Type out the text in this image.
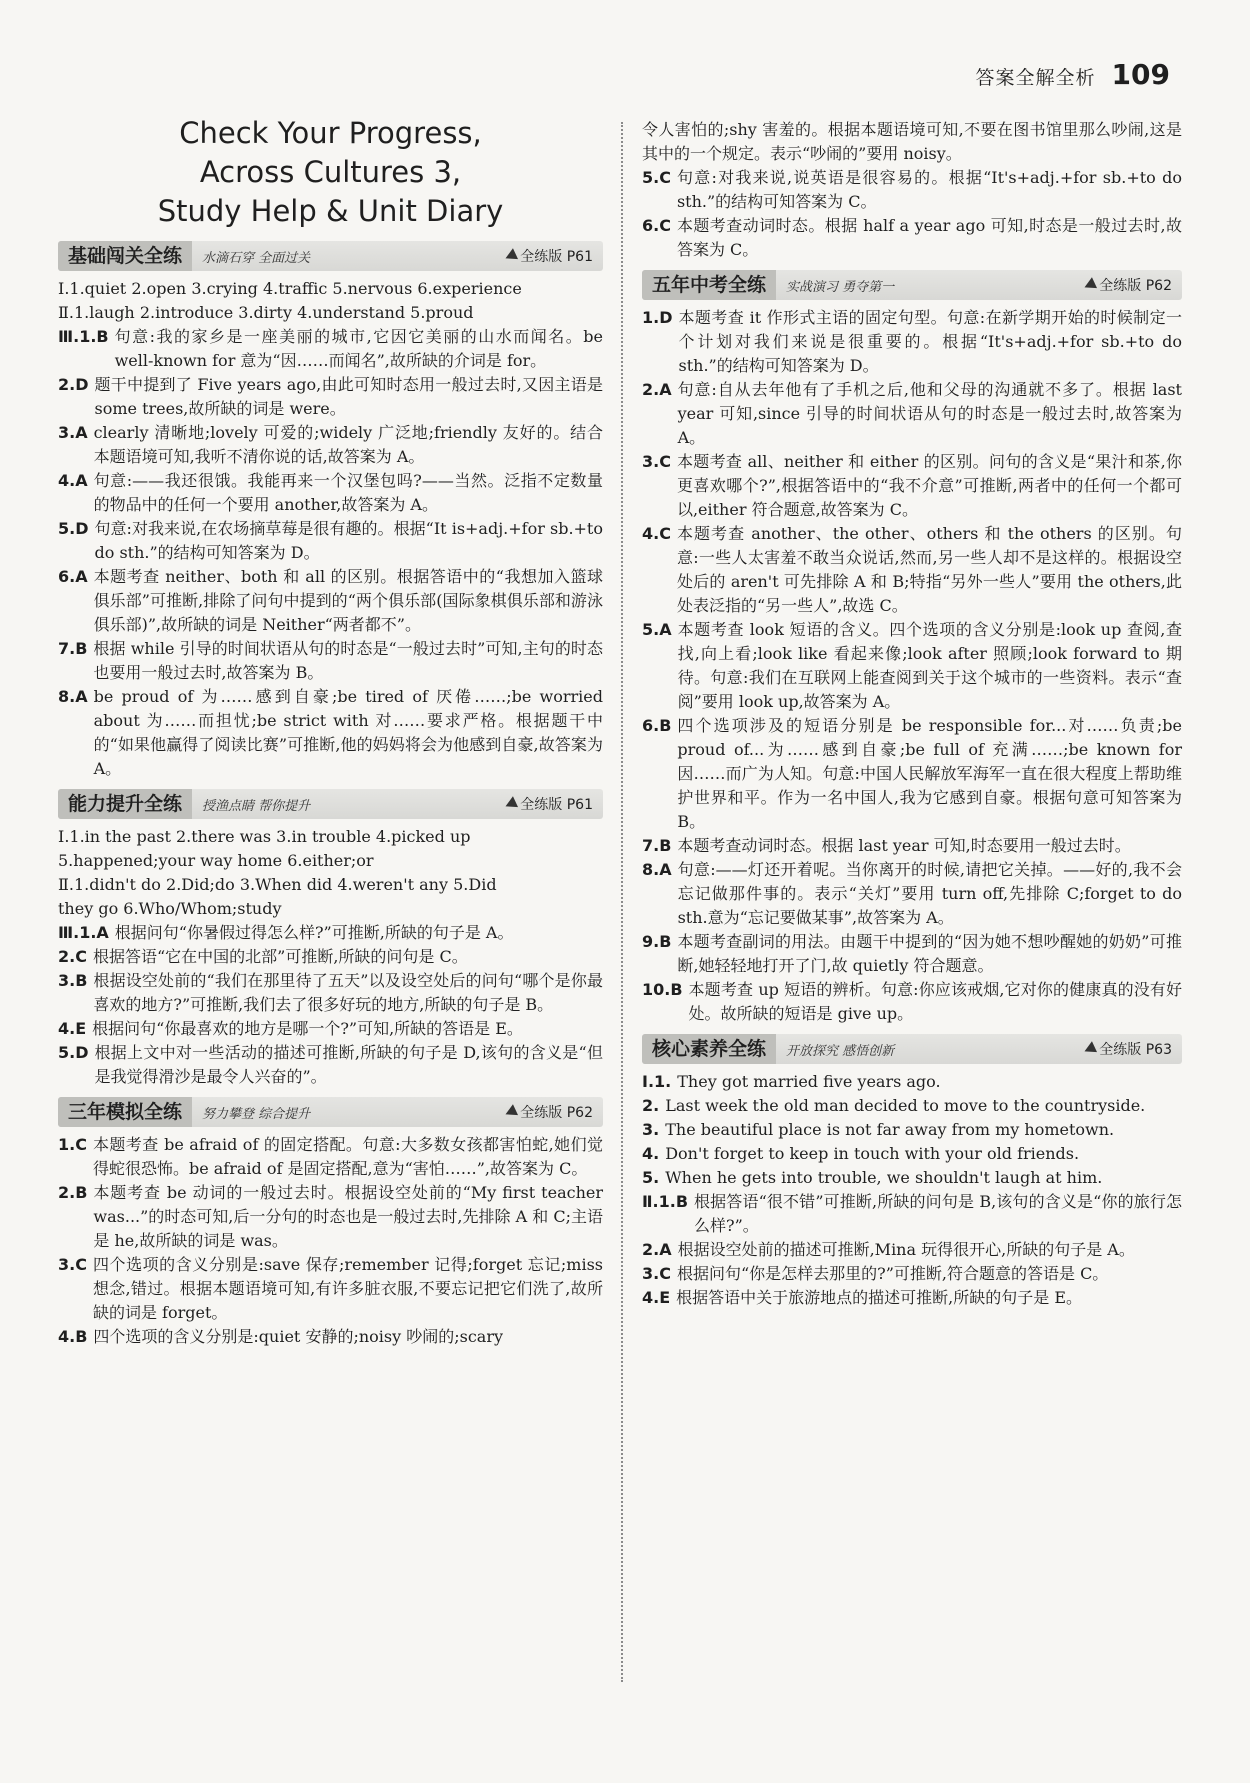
答案全解全析 109
Check Your Progress,
Across Cultures 3,
Study Help & Unit Diary
基础闯关全练	水滴石穿 全面过关	全练版 P61
Ⅰ.1.quiet 2.open 3.crying 4.traffic 5.nervous 6.experience
Ⅱ.1.laugh 2.introduce 3.dirty 4.understand 5.proud
Ⅲ.1.B 句意:我的家乡是一座美丽的城市,它因它美丽的山水而闻名。be well-known for 意为“因……而闻名”,故所缺的介词是 for。
2.D 题干中提到了 Five years ago,由此可知时态用一般过去时,又因主语是 some trees,故所缺的词是 were。
3.A clearly 清晰地;lovely 可爱的;widely 广泛地;friendly 友好的。结合本题语境可知,我听不清你说的话,故答案为 A。
4.A 句意:——我还很饿。我能再来一个汉堡包吗?——当然。泛指不定数量的物品中的任何一个要用 another,故答案为 A。
5.D 句意:对我来说,在农场摘草莓是很有趣的。根据“It is+adj.+for sb.+to do sth.”的结构可知答案为 D。
6.A 本题考查 neither、both 和 all 的区别。根据答语中的“我想加入篮球俱乐部”可推断,排除了问句中提到的“两个俱乐部(国际象棋俱乐部和游泳俱乐部)”,故所缺的词是 Neither“两者都不”。
7.B 根据 while 引导的时间状语从句的时态是“一般过去时”可知,主句的时态也要用一般过去时,故答案为 B。
8.A be proud of 为……感到自豪;be tired of 厌倦……;be worried about 为……而担忧;be strict with 对……要求严格。根据题干中的“如果他赢得了阅读比赛”可推断,他的妈妈将会为他感到自豪,故答案为 A。
能力提升全练	授渔点睛 帮你提升	全练版 P61
Ⅰ.1.in the past 2.there was 3.in trouble 4.picked up
5.happened;your way home 6.either;or
Ⅱ.1.didn't do 2.Did;do 3.When did 4.weren't any 5.Did
they go 6.Who/Whom;study
Ⅲ.1.A 根据问句“你暑假过得怎么样?”可推断,所缺的句子是 A。
2.C 根据答语“它在中国的北部”可推断,所缺的问句是 C。
3.B 根据设空处前的“我们在那里待了五天”以及设空处后的问句“哪个是你最喜欢的地方?”可推断,我们去了很多好玩的地方,所缺的句子是 B。
4.E 根据问句“你最喜欢的地方是哪一个?”可知,所缺的答语是 E。
5.D 根据上文中对一些活动的描述可推断,所缺的句子是 D,该句的含义是“但是我觉得滑沙是最令人兴奋的”。
三年模拟全练	努力攀登 综合提升	全练版 P62
1.C 本题考查 be afraid of 的固定搭配。句意:大多数女孩都害怕蛇,她们觉得蛇很恐怖。be afraid of 是固定搭配,意为“害怕……”,故答案为 C。
2.B 本题考查 be 动词的一般过去时。根据设空处前的“My first teacher was...”的时态可知,后一分句的时态也是一般过去时,先排除 A 和 C;主语是 he,故所缺的词是 was。
3.C 四个选项的含义分别是:save 保存;remember 记得;forget 忘记;miss 想念,错过。根据本题语境可知,有许多脏衣服,不要忘记把它们洗了,故所缺的词是 forget。
4.B 四个选项的含义分别是:quiet 安静的;noisy 吵闹的;scary
令人害怕的;shy 害羞的。根据本题语境可知,不要在图书馆里那么吵闹,这是其中的一个规定。表示“吵闹的”要用 noisy。
5.C 句意:对我来说,说英语是很容易的。根据“It's+adj.+for sb.+to do sth.”的结构可知答案为 C。
6.C 本题考查动词时态。根据 half a year ago 可知,时态是一般过去时,故答案为 C。
五年中考全练	实战演习 勇夺第一	全练版 P62
1.D 本题考查 it 作形式主语的固定句型。句意:在新学期开始的时候制定一个计划对我们来说是很重要的。根据“It's+adj.+for sb.+to do sth.”的结构可知答案为 D。
2.A 句意:自从去年他有了手机之后,他和父母的沟通就不多了。根据 last year 可知,since 引导的时间状语从句的时态是一般过去时,故答案为 A。
3.C 本题考查 all、neither 和 either 的区别。问句的含义是“果汁和茶,你更喜欢哪个?”,根据答语中的“我不介意”可推断,两者中的任何一个都可以,either 符合题意,故答案为 C。
4.C 本题考查 another、the other、others 和 the others 的区别。句意:一些人太害羞不敢当众说话,然而,另一些人却不是这样的。根据设空处后的 aren't 可先排除 A 和 B;特指“另外一些人”要用 the others,此处表泛指的“另一些人”,故选 C。
5.A 本题考查 look 短语的含义。四个选项的含义分别是:look up 查阅,查找,向上看;look like 看起来像;look after 照顾;look forward to 期待。句意:我们在互联网上能查阅到关于这个城市的一些资料。表示“查阅”要用 look up,故答案为 A。
6.B 四个选项涉及的短语分别是 be responsible for...对……负责;be proud of...为……感到自豪;be full of 充满……;be known for 因……而广为人知。句意:中国人民解放军海军一直在很大程度上帮助维护世界和平。作为一名中国人,我为它感到自豪。根据句意可知答案为 B。
7.B 本题考查动词时态。根据 last year 可知,时态要用一般过去时。
8.A 句意:——灯还开着呢。当你离开的时候,请把它关掉。——好的,我不会忘记做那件事的。表示“关灯”要用 turn off,先排除 C;forget to do sth.意为“忘记要做某事”,故答案为 A。
9.B 本题考查副词的用法。由题干中提到的“因为她不想吵醒她的奶奶”可推断,她轻轻地打开了门,故 quietly 符合题意。
10.B 本题考查 up 短语的辨析。句意:你应该戒烟,它对你的健康真的没有好处。故所缺的短语是 give up。
核心素养全练	开放探究 感悟创新	全练版 P63
Ⅰ.1. They got married five years ago.
2. Last week the old man decided to move to the countryside.
3. The beautiful place is not far away from my hometown.
4. Don't forget to keep in touch with your old friends.
5. When he gets into trouble, we shouldn't laugh at him.
Ⅱ.1.B 根据答语“很不错”可推断,所缺的问句是 B,该句的含义是“你的旅行怎么样?”。
2.A 根据设空处前的描述可推断,Mina 玩得很开心,所缺的句子是 A。
3.C 根据问句“你是怎样去那里的?”可推断,符合题意的答语是 C。
4.E 根据答语中关于旅游地点的描述可推断,所缺的句子是 E。
